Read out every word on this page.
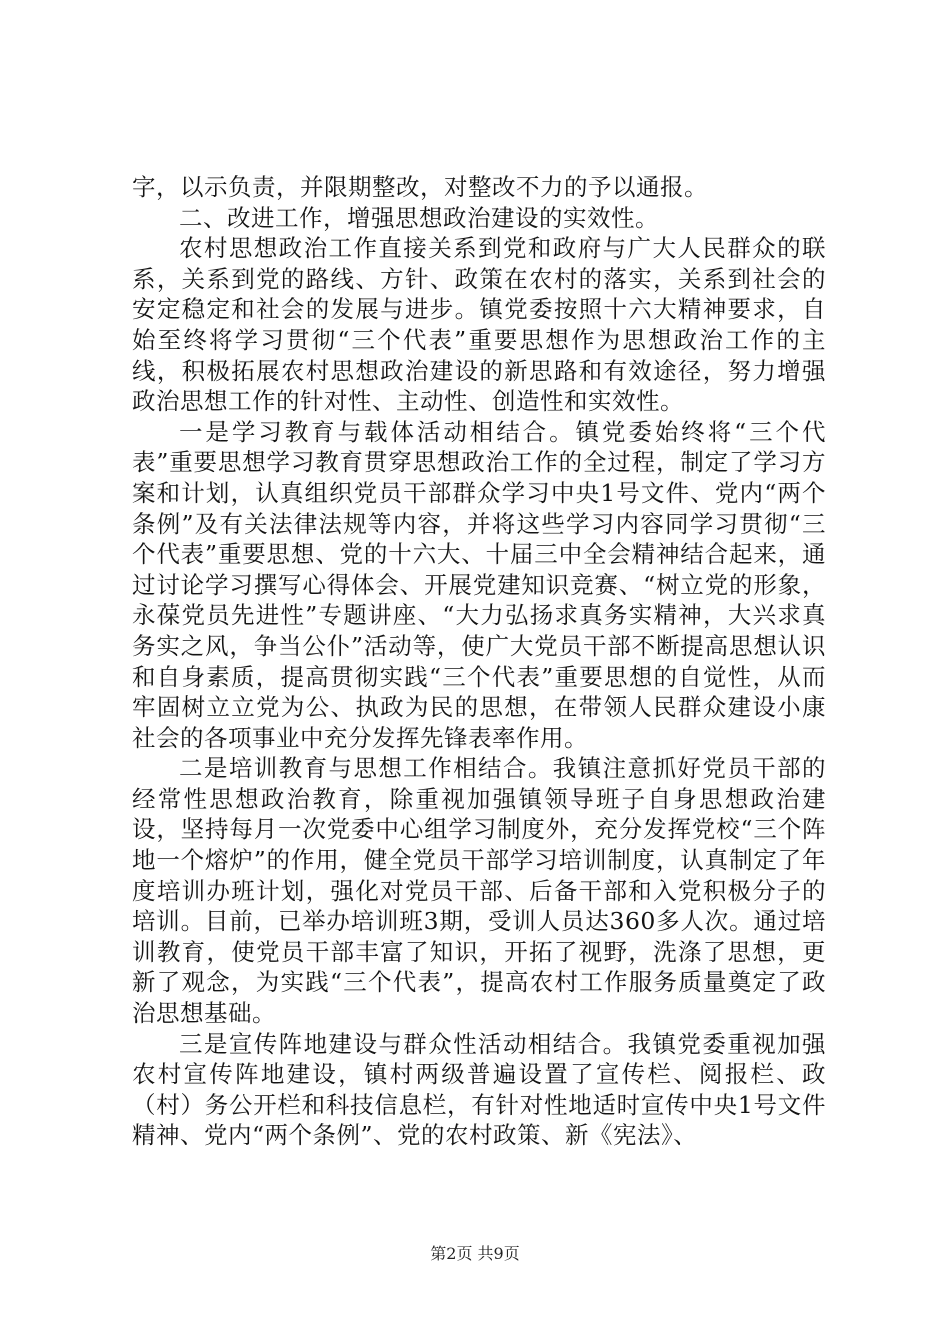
字，以示负责，并限期整改，对整改不力的予以通报。

二、改进工作，增强思想政治建设的实效性。

农村思想政治工作直接关系到党和政府与广大人民群众的联系，关系到党的路线、方针、政策在农村的落实，关系到社会的安定稳定和社会的发展与进步。镇党委按照十六大精神要求，自始至终将学习贯彻“三个代表”重要思想作为思想政治工作的主线，积极拓展农村思想政治建设的新思路和有效途径，努力增强政治思想工作的针对性、主动性、创造性和实效性。

一是学习教育与载体活动相结合。镇党委始终将“三个代表”重要思想学习教育贯穿思想政治工作的全过程，制定了学习方案和计划，认真组织党员干部群众学习中央1号文件、党内“两个条例”及有关法律法规等内容，并将这些学习内容同学习贯彻“三个代表”重要思想、党的十六大、十届三中全会精神结合起来，通过讨论学习撰写心得体会、开展党建知识竞赛、“树立党的形象，永葆党员先进性”专题讲座、“大力弘扬求真务实精神，大兴求真务实之风，争当公仆”活动等，使广大党员干部不断提高思想认识和自身素质，提高贯彻实践“三个代表”重要思想的自觉性，从而牢固树立立党为公、执政为民的思想，在带领人民群众建设小康社会的各项事业中充分发挥先锋表率作用。

二是培训教育与思想工作相结合。我镇注意抓好党员干部的经常性思想政治教育，除重视加强镇领导班子自身思想政治建设，坚持每月一次党委中心组学习制度外，充分发挥党校“三个阵地一个熔炉”的作用，健全党员干部学习培训制度，认真制定了年度培训办班计划，强化对党员干部、后备干部和入党积极分子的培训。目前，已举办培训班3期，受训人员达360多人次。通过培训教育，使党员干部丰富了知识，开拓了视野，洗涤了思想，更新了观念，为实践“三个代表”，提高农村工作服务质量奠定了政治思想基础。

三是宣传阵地建设与群众性活动相结合。我镇党委重视加强农村宣传阵地建设，镇村两级普遍设置了宣传栏、阅报栏、政（村）务公开栏和科技信息栏，有针对性地适时宣传中央1号文件精神、党内“两个条例”、党的农村政策、新《宪法》、

第2页 共9页
